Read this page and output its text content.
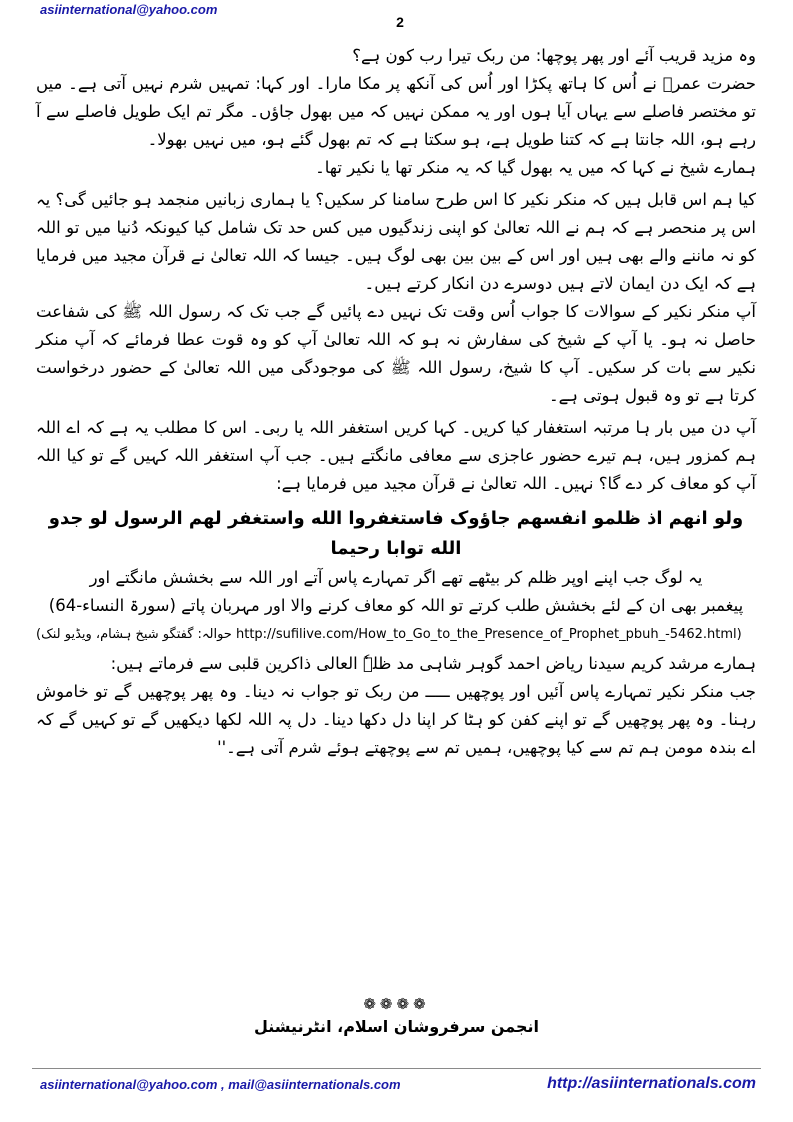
asiinternational@yahoo.com
2

وہ مزید قریب آئے اور پھر پوچھا: من ربک تیرا رب کون ہے؟

حضرت عمرؓ نے اُس کا ہاتھ پکڑا اور اُس کی آنکھ پر مکا مارا۔ اور کہا: تمہیں شرم نہیں آتی ہے۔ میں تو مختصر فاصلے سے یہاں آیا ہوں اور یہ ممکن نہیں کہ میں بھول جاؤں۔ مگر تم ایک طویل فاصلے سے آ رہے ہو، اللہ جانتا ہے کہ کتنا طویل ہے، ہو سکتا ہے کہ تم بھول گئے ہو، میں نہیں بھولا۔

ہمارے شیخ نے کہا کہ میں یہ بھول گیا کہ یہ منکر تھا یا نکیر تھا۔

کیا ہم اس قابل ہیں کہ منکر نکیر کا اس طرح سامنا کر سکیں؟ یا ہماری زبانیں منجمد ہو جائیں گی؟ یہ اس پر منحصر ہے کہ ہم نے اللہ تعالیٰ کو اپنی زندگیوں میں کس حد تک شامل کیا کیونکہ دُنیا میں تو اللہ کو نہ ماننے والے بھی ہیں اور اس کے بین بین بھی لوگ ہیں۔ جیسا کہ اللہ تعالیٰ نے قرآن مجید میں فرمایا ہے کہ ایک دن ایمان لاتے ہیں دوسرے دن انکار کرتے ہیں۔

آپ منکر نکیر کے سوالات کا جواب اُس وقت تک نہیں دے پائیں گے جب تک کہ رسول اللہ ﷺ کی شفاعت حاصل نہ ہو۔ یا آپ کے شیخ کی سفارش نہ ہو کہ اللہ تعالیٰ آپ کو وہ قوت عطا فرمائے کہ آپ منکر نکیر سے بات کر سکیں۔ آپ کا شیخ، رسول اللہ ﷺ کی موجودگی میں اللہ تعالیٰ کے حضور درخواست کرتا ہے تو وہ قبول ہوتی ہے۔

آپ دن میں بار ہا مرتبہ استغفار کیا کریں۔ کہا کریں استغفر اللہ یا ربی۔ اس کا مطلب یہ ہے کہ اے اللہ ہم کمزور ہیں، ہم تیرے حضور عاجزی سے معافی مانگتے ہیں۔ جب آپ استغفر اللہ کہیں گے تو کیا اللہ آپ کو معاف کر دے گا؟ نہیں۔ اللہ تعالیٰ نے قرآن مجید میں فرمایا ہے:

ولو انھم اذ ظلمو انفسھم جاؤوک فاستغفروا الله واستغفر لھم الرسول لو جدو الله توابا رحیما

یہ لوگ جب اپنے اوپر ظلم کر بیٹھے تھے اگر تمہارے پاس آتے اور اللہ سے بخشش مانگتے اور

پیغمبر بھی ان کے لئے بخشش طلب کرتے تو اللہ کو معاف کرنے والا اور مہربان پاتے (سورۃ النساء-64)

(حوالہ: گفتگو شیخ ہشام، ویڈیو لنک http://sufilive.com/How_to_Go_to_the_Presence_of_Prophet_pbuh_-5462.html)

ہمارے مرشد کریم سیدنا ریاض احمد گوہر شاہی مد ظلہٗ العالی ذاکرین قلبی سے فرماتے ہیں:

جب منکر نکیر تمہارے پاس آئیں اور پوچھیں ـــــ من ربک تو جواب نہ دینا۔ وہ پھر پوچھیں گے تو خاموش رہنا۔ وہ پھر پوچھیں گے تو اپنے کفن کو ہٹا کر اپنا دل دکھا دینا۔ دل پہ اللہ لکھا دیکھیں گے تو کہیں گے کہ اے بندہ مومن ہم تم سے کیا پوچھیں، ہمیں تم سے پوچھتے ہوئے شرم آتی ہے۔''

❁❁❁❁
انجمن سرفروشان اسلام، انٹرنیشنل
asiinternational@yahoo.com , mail@asiinternationals.com	http://asiinternationals.com
